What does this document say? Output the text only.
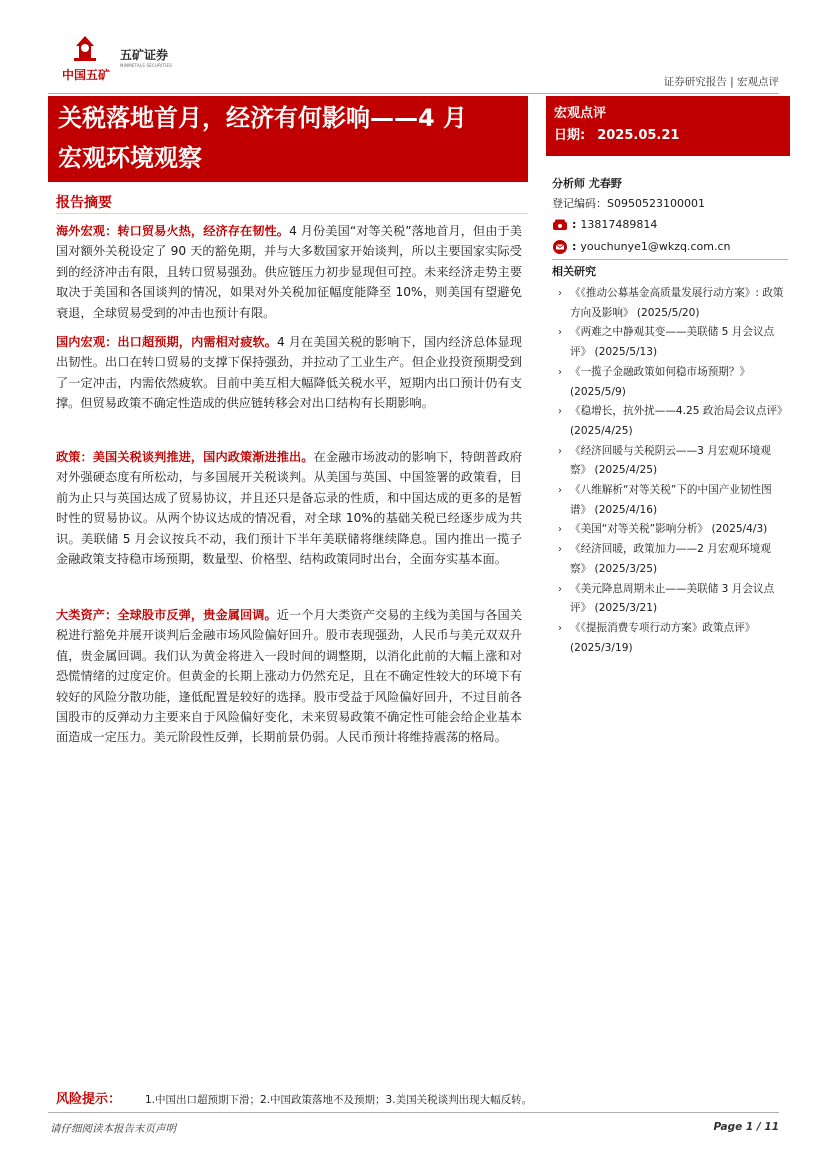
中国五矿
五矿证券
MINMETALS SECURITIES
证券研究报告 | 宏观点评
关税落地首月，经济有何影响——4 月
宏观环境观察
宏观点评
日期: 2025.05.21
报告摘要
海外宏观：转口贸易火热，经济存在韧性。4 月份美国“对等关税”落地首月，但由于美国对额外关税设定了 90 天的豁免期，并与大多数国家开始谈判，所以主要国家实际受到的经济冲击有限，且转口贸易强劲。供应链压力初步显现但可控。未来经济走势主要取决于美国和各国谈判的情况，如果对外关税加征幅度能降至 10%，则美国有望避免衰退，全球贸易受到的冲击也预计有限。
国内宏观：出口超预期，内需相对疲软。4 月在美国关税的影响下，国内经济总体显现出韧性。出口在转口贸易的支撑下保持强劲，并拉动了工业生产。但企业投资预期受到了一定冲击，内需依然疲软。目前中美互相大幅降低关税水平，短期内出口预计仍有支撑。但贸易政策不确定性造成的供应链转移会对出口结构有长期影响。
政策：美国关税谈判推进，国内政策渐进推出。在金融市场波动的影响下，特朗普政府对外强硬态度有所松动，与多国展开关税谈判。从美国与英国、中国签署的政策看，目前为止只与英国达成了贸易协议，并且还只是备忘录的性质，和中国达成的更多的是暂时性的贸易协议。从两个协议达成的情况看，对全球 10%的基础关税已经逐步成为共识。美联储 5 月会议按兵不动，我们预计下半年美联储将继续降息。国内推出一揽子金融政策支持稳市场预期，数量型、价格型、结构政策同时出台，全面夯实基本面。
大类资产：全球股市反弹，贵金属回调。近一个月大类资产交易的主线为美国与各国关税进行豁免并展开谈判后金融市场风险偏好回升。股市表现强劲，人民币与美元双双升值，贵金属回调。我们认为黄金将进入一段时间的调整期，以消化此前的大幅上涨和对恐慌情绪的过度定价。但黄金的长期上涨动力仍然充足，且在不确定性较大的环境下有较好的风险分散功能，逢低配置是较好的选择。股市受益于风险偏好回升，不过目前各国股市的反弹动力主要来自于风险偏好变化，未来贸易政策不确定性可能会给企业基本面造成一定压力。美元阶段性反弹，长期前景仍弱。人民币预计将维持震荡的格局。
分析师 尤春野
登记编码：S0950523100001
: 13817489814
: youchunye1@wkzq.com.cn
相关研究
› 《《推动公募基金高质量发展行动方案》: 政策方向及影响》 (2025/5/20)
› 《两难之中静观其变——美联储 5 月会议点评》 (2025/5/13)
› 《一揽子金融政策如何稳市场预期？》 (2025/5/9)
› 《稳增长，抗外扰——4.25 政治局会议点评》 (2025/4/25)
› 《经济回暖与关税阴云——3 月宏观环境观察》 (2025/4/25)
› 《八维解析“对等关税”下的中国产业韧性图谱》 (2025/4/16)
› 《美国“对等关税”影响分析》 (2025/4/3)
› 《经济回暖，政策加力——2 月宏观环境观察》 (2025/3/25)
› 《美元降息周期未止——美联储 3 月会议点评》 (2025/3/21)
› 《《提振消费专项行动方案》政策点评》 (2025/3/19)
风险提示： 1.中国出口超预期下滑；2.中国政策落地不及预期；3.美国关税谈判出现大幅反转。
请仔细阅读本报告末页声明	Page 1 / 11
